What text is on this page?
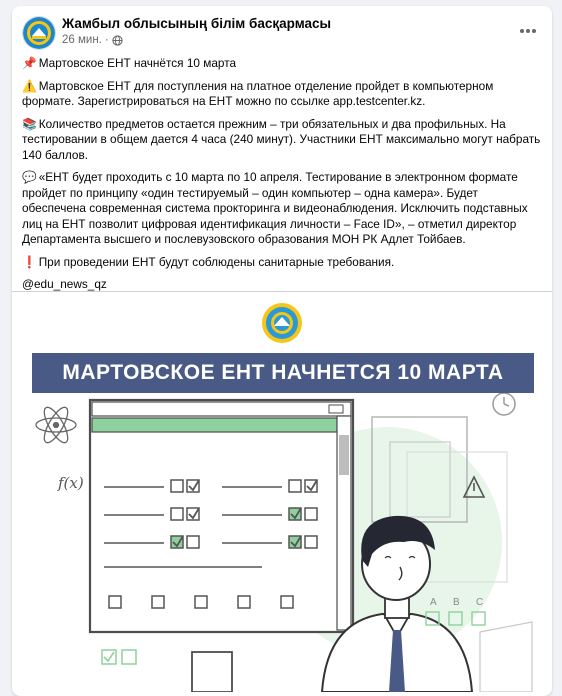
Жамбыл облысының білім басқармасы
26 мин. ·

📌 Мартовское ЕНТ начнётся 10 марта

⚠️ Мартовское ЕНТ для поступления на платное отделение пройдет в компьютерном формате. Зарегистрироваться на ЕНТ можно по ссылке app.testcenter.kz.

📚 Количество предметов остается прежним – три обязательных и два профильных. На тестировании в общем дается 4 часа (240 минут). Участники ЕНТ максимально могут набрать 140 баллов.

💬 «ЕНТ будет проходить с 10 марта по 10 апреля. Тестирование в электронном формате пройдет по принципу «один тестируемый – один компьютер – одна камера». Будет обеспечена современная система прокторинга и видеонаблюдения. Исключить подставных лиц на ЕНТ позволит цифровая идентификация личности – Face ID», – отметил директор Департамента высшего и послевузовского образования МОН РК Адлет Тойбаев.

❗ При проведении ЕНТ будут соблюдены санитарные требования.

@edu_news_qz

A B C
f(x)
МАРТОВСКОЕ ЕНТ НАЧНЕТСЯ 10 МАРТА
